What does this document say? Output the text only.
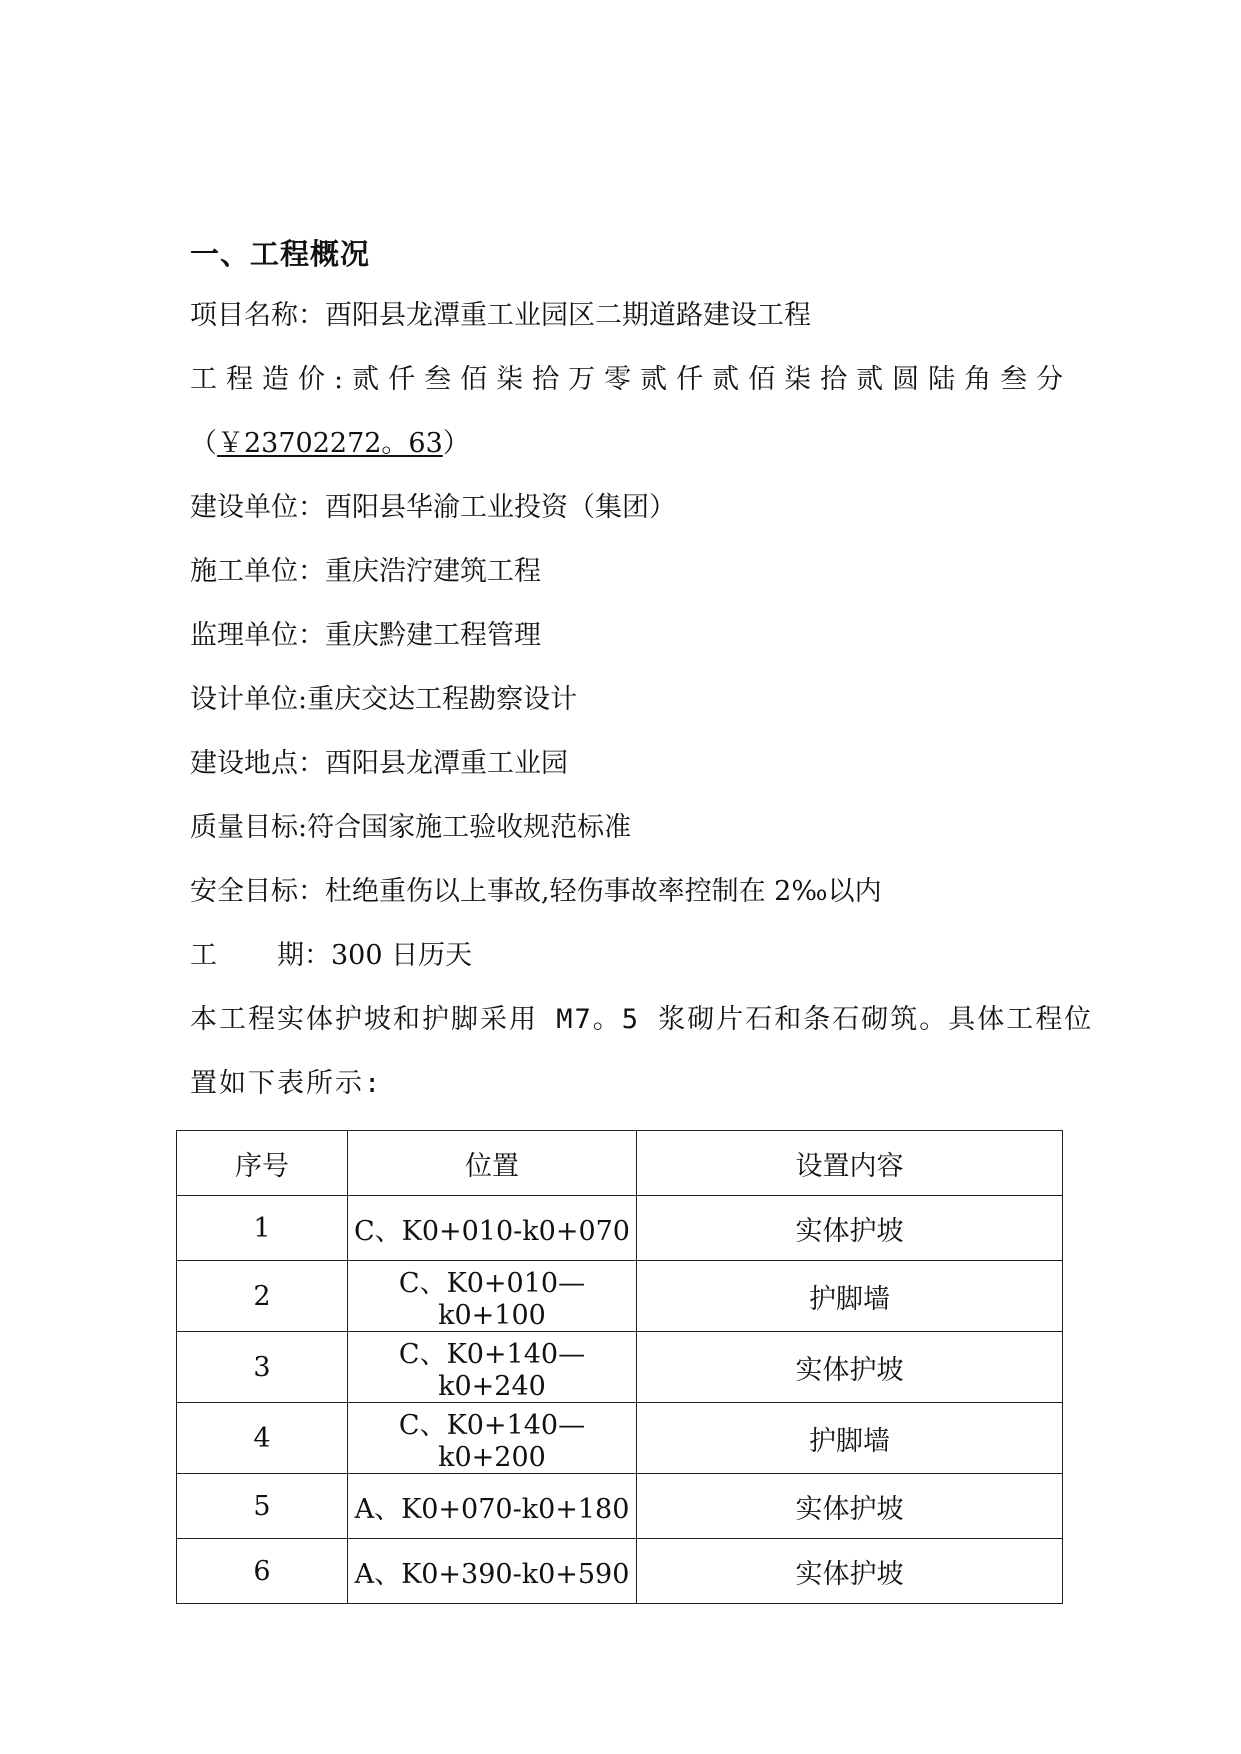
一、工程概况
项目名称：酉阳县龙潭重工业园区二期道路建设工程
工程造价:贰仟叁佰柒拾万零贰仟贰佰柒拾贰圆陆角叁分
（￥23702272。63）
建设单位：酉阳县华渝工业投资（集团）
施工单位：重庆浩泞建筑工程
监理单位：重庆黔建工程管理
设计单位:重庆交达工程勘察设计
建设地点：酉阳县龙潭重工业园
质量目标:符合国家施工验收规范标准
安全目标：杜绝重伤以上事故,轻伤事故率控制在 2‰以内
工 期：300 日历天
本工程实体护坡和护脚采用 M7。5 浆砌片石和条石砌筑。具体工程位
置如下表所示:
序号	位置	设置内容
1	C、K0+010-k0+070	实体护坡
2	C、K0+010—k0+100	护脚墙
3	C、K0+140—k0+240	实体护坡
4	C、K0+140—k0+200	护脚墙
5	A、K0+070-k0+180	实体护坡
6	A、K0+390-k0+590	实体护坡
